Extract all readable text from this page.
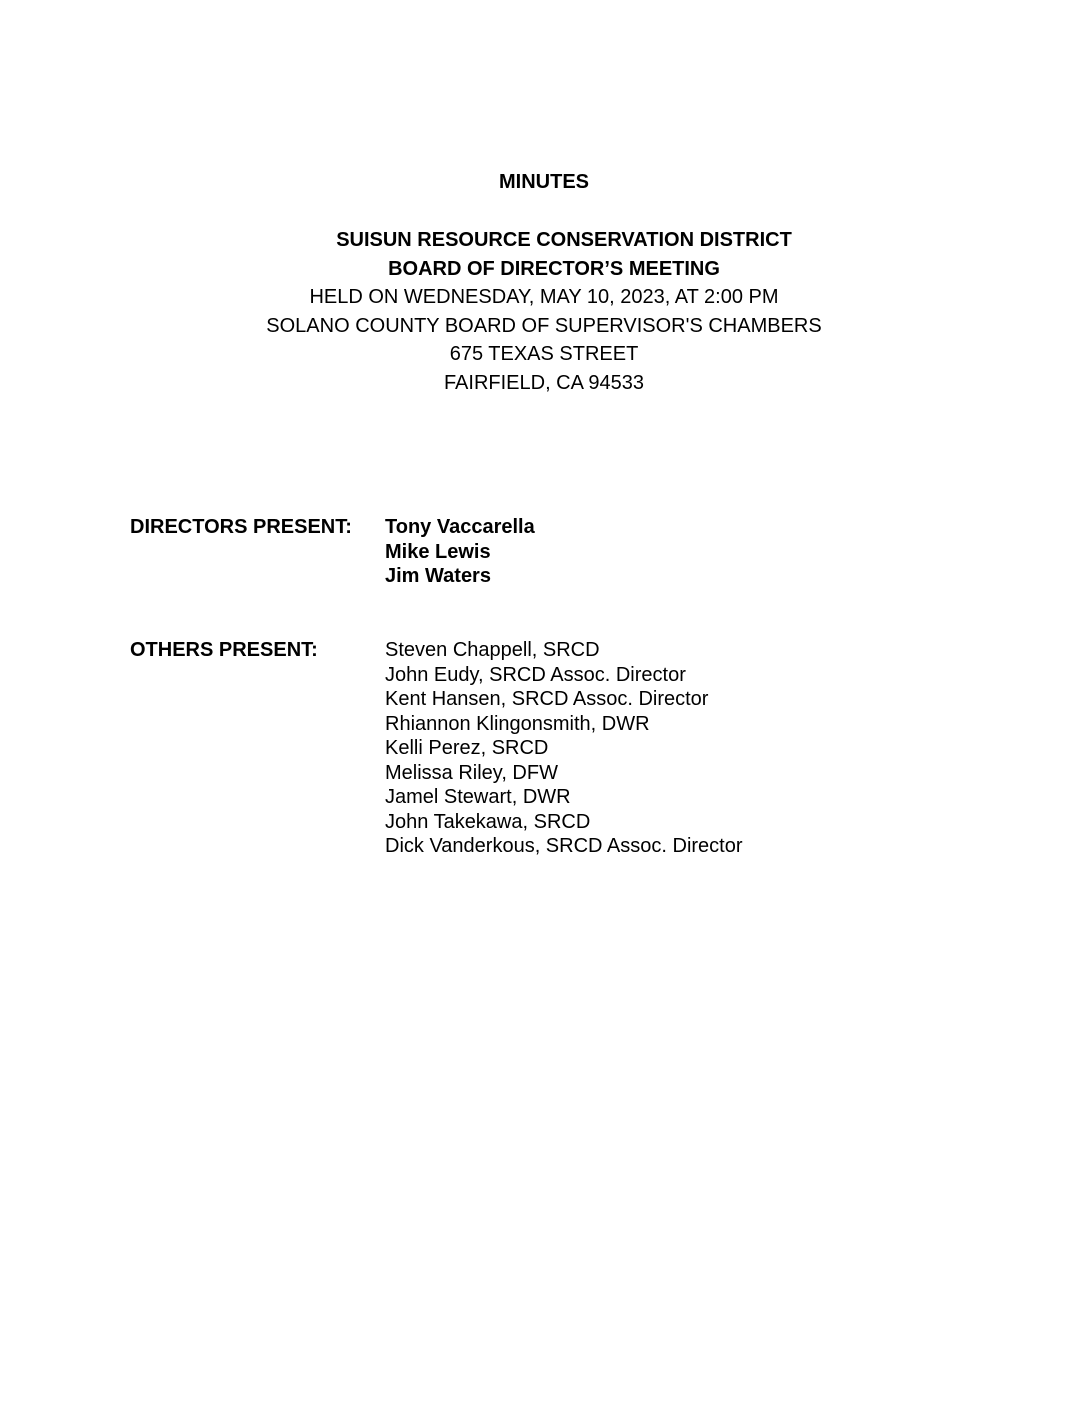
MINUTES
SUISUN RESOURCE CONSERVATION DISTRICT
BOARD OF DIRECTOR’S MEETING
HELD ON WEDNESDAY, MAY 10, 2023, AT 2:00 PM
SOLANO COUNTY BOARD OF SUPERVISOR'S CHAMBERS
675 TEXAS STREET
FAIRFIELD, CA 94533
DIRECTORS PRESENT: Tony Vaccarella
Mike Lewis
Jim Waters
OTHERS PRESENT:	Steven Chappell, SRCD
John Eudy, SRCD Assoc. Director
Kent Hansen, SRCD Assoc. Director
Rhiannon Klingonsmith, DWR
Kelli Perez, SRCD
Melissa Riley, DFW
Jamel Stewart, DWR
John Takekawa, SRCD
Dick Vanderkous, SRCD Assoc. Director
